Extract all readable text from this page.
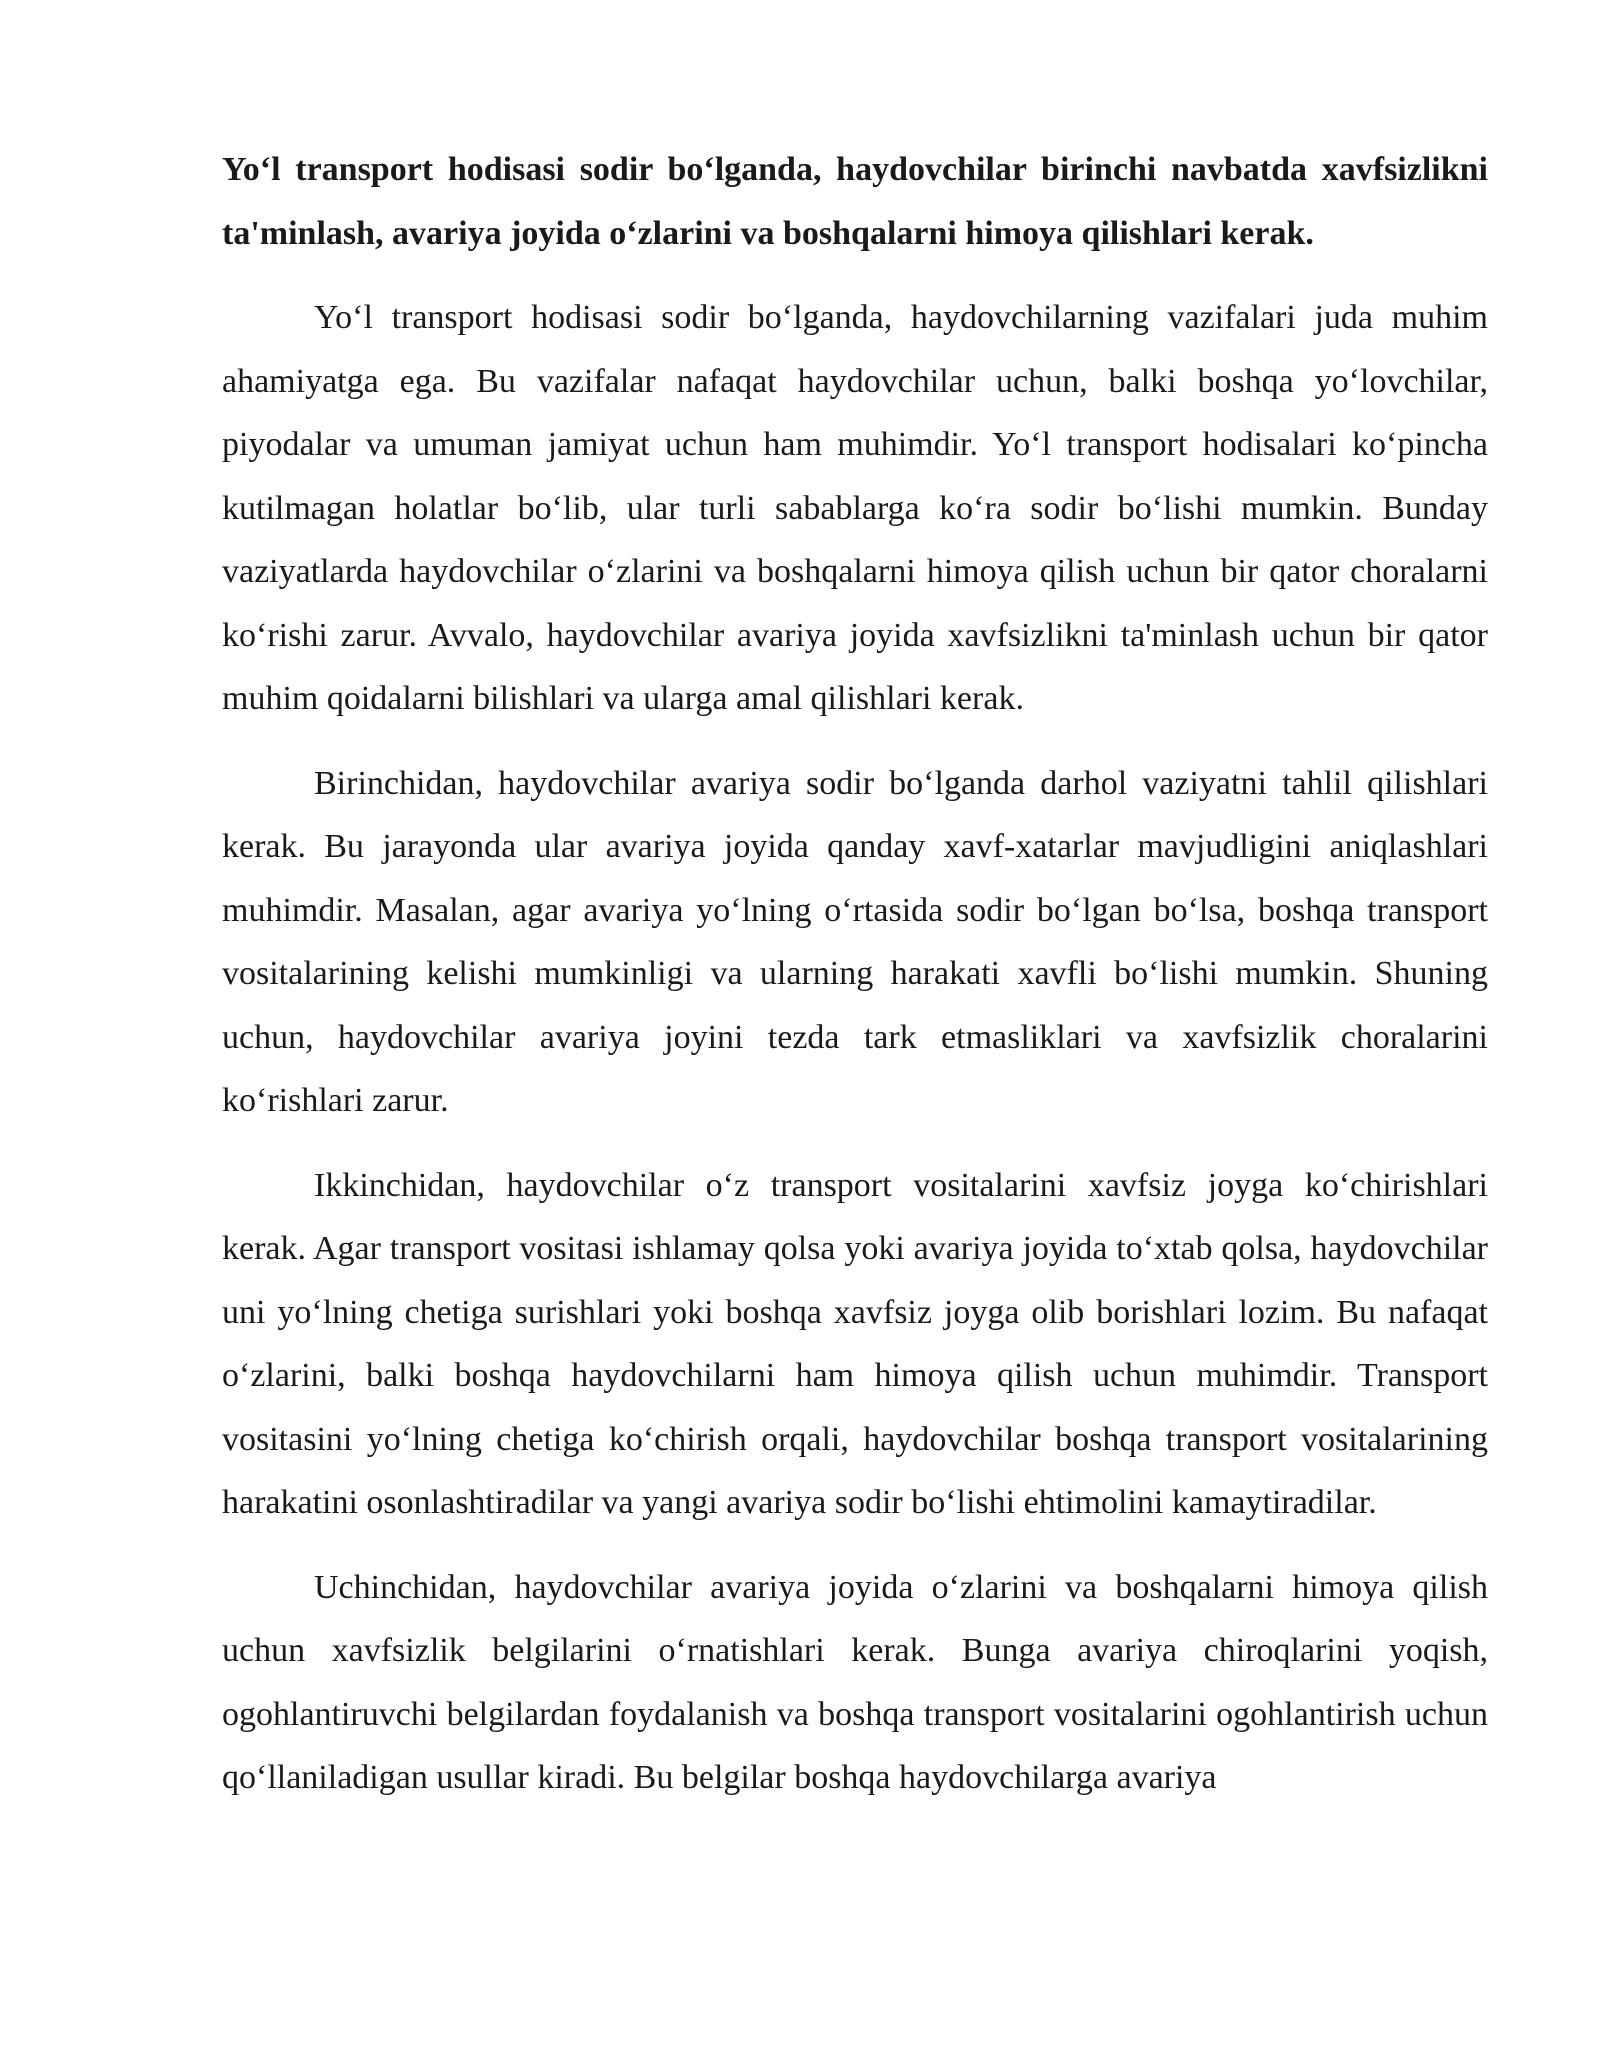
Yo‘l transport hodisasi sodir bo‘lganda, haydovchilar birinchi navbatda xavfsizlikni ta'minlash, avariya joyida o‘zlarini va boshqalarni himoya qilishlari kerak.

Yo‘l transport hodisasi sodir bo‘lganda, haydovchilarning vazifalari juda muhim ahamiyatga ega. Bu vazifalar nafaqat haydovchilar uchun, balki boshqa yo‘lovchilar, piyodalar va umuman jamiyat uchun ham muhimdir. Yo‘l transport hodisalari ko‘pincha kutilmagan holatlar bo‘lib, ular turli sabablarga ko‘ra sodir bo‘lishi mumkin. Bunday vaziyatlarda haydovchilar o‘zlarini va boshqalarni himoya qilish uchun bir qator choralarni ko‘rishi zarur. Avvalo, haydovchilar avariya joyida xavfsizlikni ta'minlash uchun bir qator muhim qoidalarni bilishlari va ularga amal qilishlari kerak.

Birinchidan, haydovchilar avariya sodir bo‘lganda darhol vaziyatni tahlil qilishlari kerak. Bu jarayonda ular avariya joyida qanday xavf-xatarlar mavjudligini aniqlashlari muhimdir. Masalan, agar avariya yo‘lning o‘rtasida sodir bo‘lgan bo‘lsa, boshqa transport vositalarining kelishi mumkinligi va ularning harakati xavfli bo‘lishi mumkin. Shuning uchun, haydovchilar avariya joyini tezda tark etmasliklari va xavfsizlik choralarini ko‘rishlari zarur.

Ikkinchidan, haydovchilar o‘z transport vositalarini xavfsiz joyga ko‘chirishlari kerak. Agar transport vositasi ishlamay qolsa yoki avariya joyida to‘xtab qolsa, haydovchilar uni yo‘lning chetiga surishlari yoki boshqa xavfsiz joyga olib borishlari lozim. Bu nafaqat o‘zlarini, balki boshqa haydovchilarni ham himoya qilish uchun muhimdir. Transport vositasini yo‘lning chetiga ko‘chirish orqali, haydovchilar boshqa transport vositalarining harakatini osonlashtiradilar va yangi avariya sodir bo‘lishi ehtimolini kamaytiradilar.

Uchinchidan, haydovchilar avariya joyida o‘zlarini va boshqalarni himoya qilish uchun xavfsizlik belgilarini o‘rnatishlari kerak. Bunga avariya chiroqlarini yoqish, ogohlantiruvchi belgilardan foydalanish va boshqa transport vositalarini ogohlantirish uchun qo‘llaniladigan usullar kiradi. Bu belgilar boshqa haydovchilarga avariya
